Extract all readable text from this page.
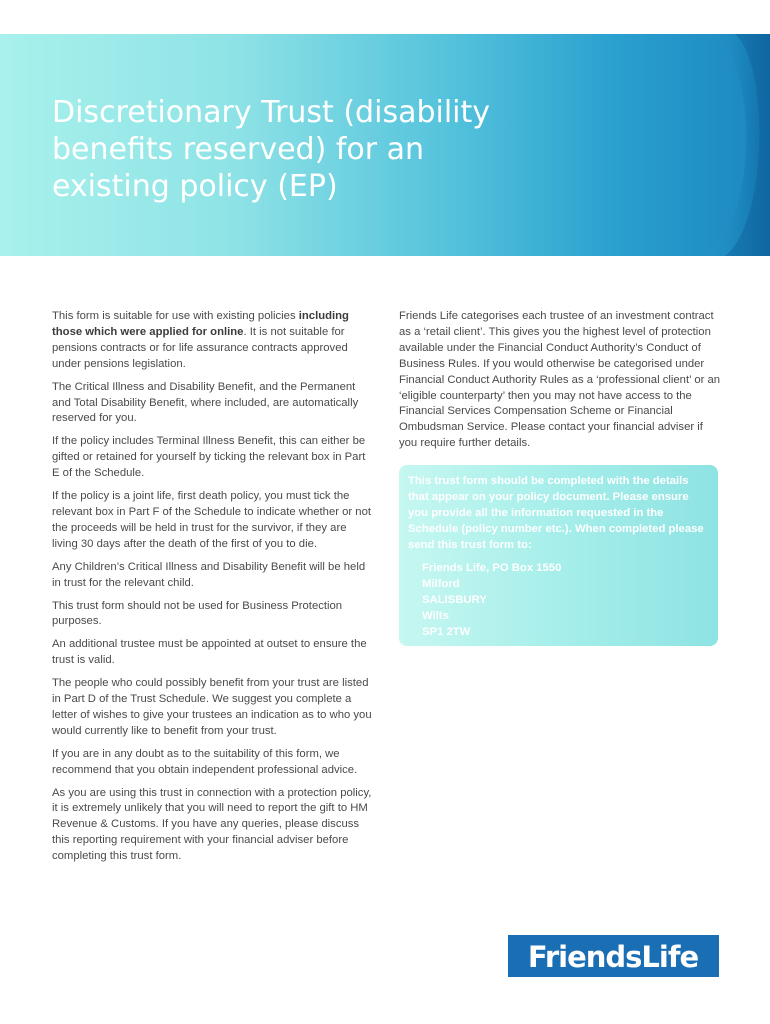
Discretionary Trust (disability benefits reserved) for an existing policy (EP)

This form is suitable for use with existing policies including those which were applied for online. It is not suitable for pensions contracts or for life assurance contracts approved under pensions legislation.

The Critical Illness and Disability Benefit, and the Permanent and Total Disability Benefit, where included, are automatically reserved for you.

If the policy includes Terminal Illness Benefit, this can either be gifted or retained for yourself by ticking the relevant box in Part E of the Schedule.

If the policy is a joint life, first death policy, you must tick the relevant box in Part F of the Schedule to indicate whether or not the proceeds will be held in trust for the survivor, if they are living 30 days after the death of the first of you to die.

Any Children’s Critical Illness and Disability Benefit will be held in trust for the relevant child.

This trust form should not be used for Business Protection purposes.

An additional trustee must be appointed at outset to ensure the trust is valid.

The people who could possibly benefit from your trust are listed in Part D of the Trust Schedule. We suggest you complete a letter of wishes to give your trustees an indication as to who you would currently like to benefit from your trust.

If you are in any doubt as to the suitability of this form, we recommend that you obtain independent professional advice.

As you are using this trust in connection with a protection policy, it is extremely unlikely that you will need to report the gift to HM Revenue & Customs. If you have any queries, please discuss this reporting requirement with your financial adviser before completing this trust form.

Friends Life categorises each trustee of an investment contract as a ‘retail client’. This gives you the highest level of protection available under the Financial Conduct Authority’s Conduct of Business Rules. If you would otherwise be categorised under Financial Conduct Authority Rules as a ‘professional client’ or an ‘eligible counterparty’ then you may not have access to the Financial Services Compensation Scheme or Financial Ombudsman Service. Please contact your financial adviser if you require further details.

This trust form should be completed with the details that appear on your policy document. Please ensure you provide all the information requested in the Schedule (policy number etc.). When completed please send this trust form to:

Friends Life, PO Box 1550
Milford
SALISBURY
Wilts
SP1 2TW
FriendsLife
